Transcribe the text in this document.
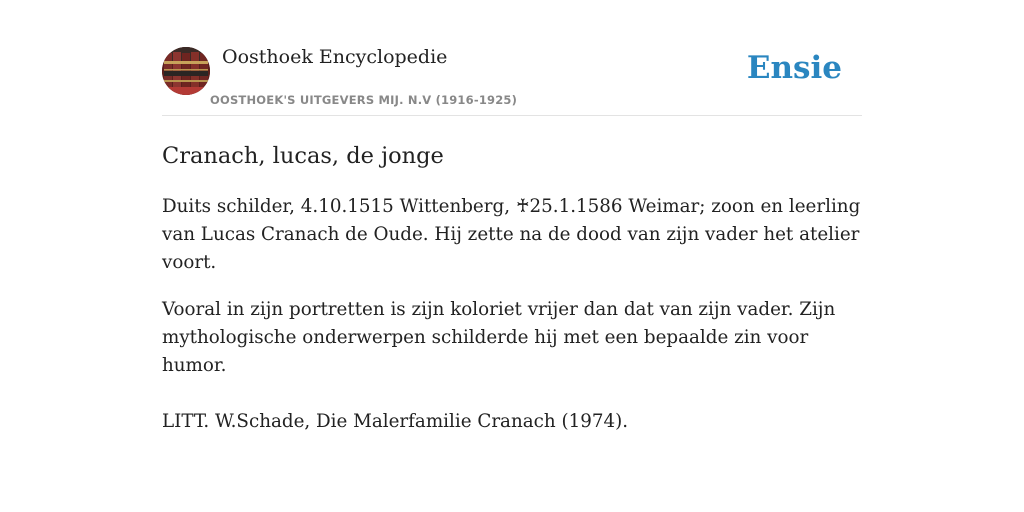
Oosthoek Encyclopedie
OOSTHOEK'S UITGEVERS MIJ. N.V (1916-1925)
Ensie
Cranach, lucas, de jonge

Duits schilder, 4.10.1515 Wittenberg, ♰25.1.1586 Weimar; zoon en leerling van Lucas Cranach de Oude. Hij zette na de dood van zijn vader het atelier voort.

Vooral in zijn portretten is zijn koloriet vrijer dan dat van zijn vader. Zijn mythologische onderwerpen schilderde hij met een bepaalde zin voor humor.

LITT. W.Schade, Die Malerfamilie Cranach (1974).
